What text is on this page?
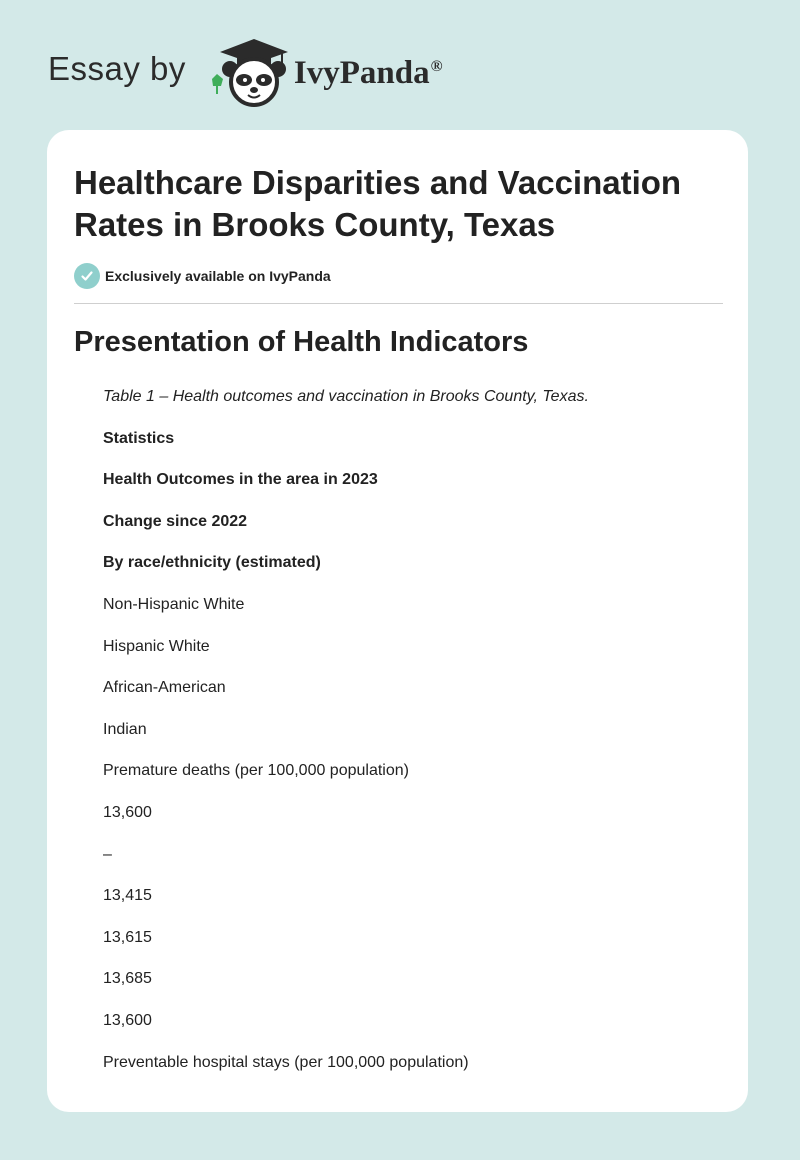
Essay by	IvyPanda®
Healthcare Disparities and Vaccination Rates in Brooks County, Texas
Exclusively available on IvyPanda
Presentation of Health Indicators
Table 1 – Health outcomes and vaccination in Brooks County, Texas.
Statistics
Health Outcomes in the area in 2023
Change since 2022
By race/ethnicity (estimated)
Non-Hispanic White
Hispanic White
African-American
Indian
Premature deaths (per 100,000 population)
13,600
–
13,415
13,615
13,685
13,600
Preventable hospital stays (per 100,000 population)
